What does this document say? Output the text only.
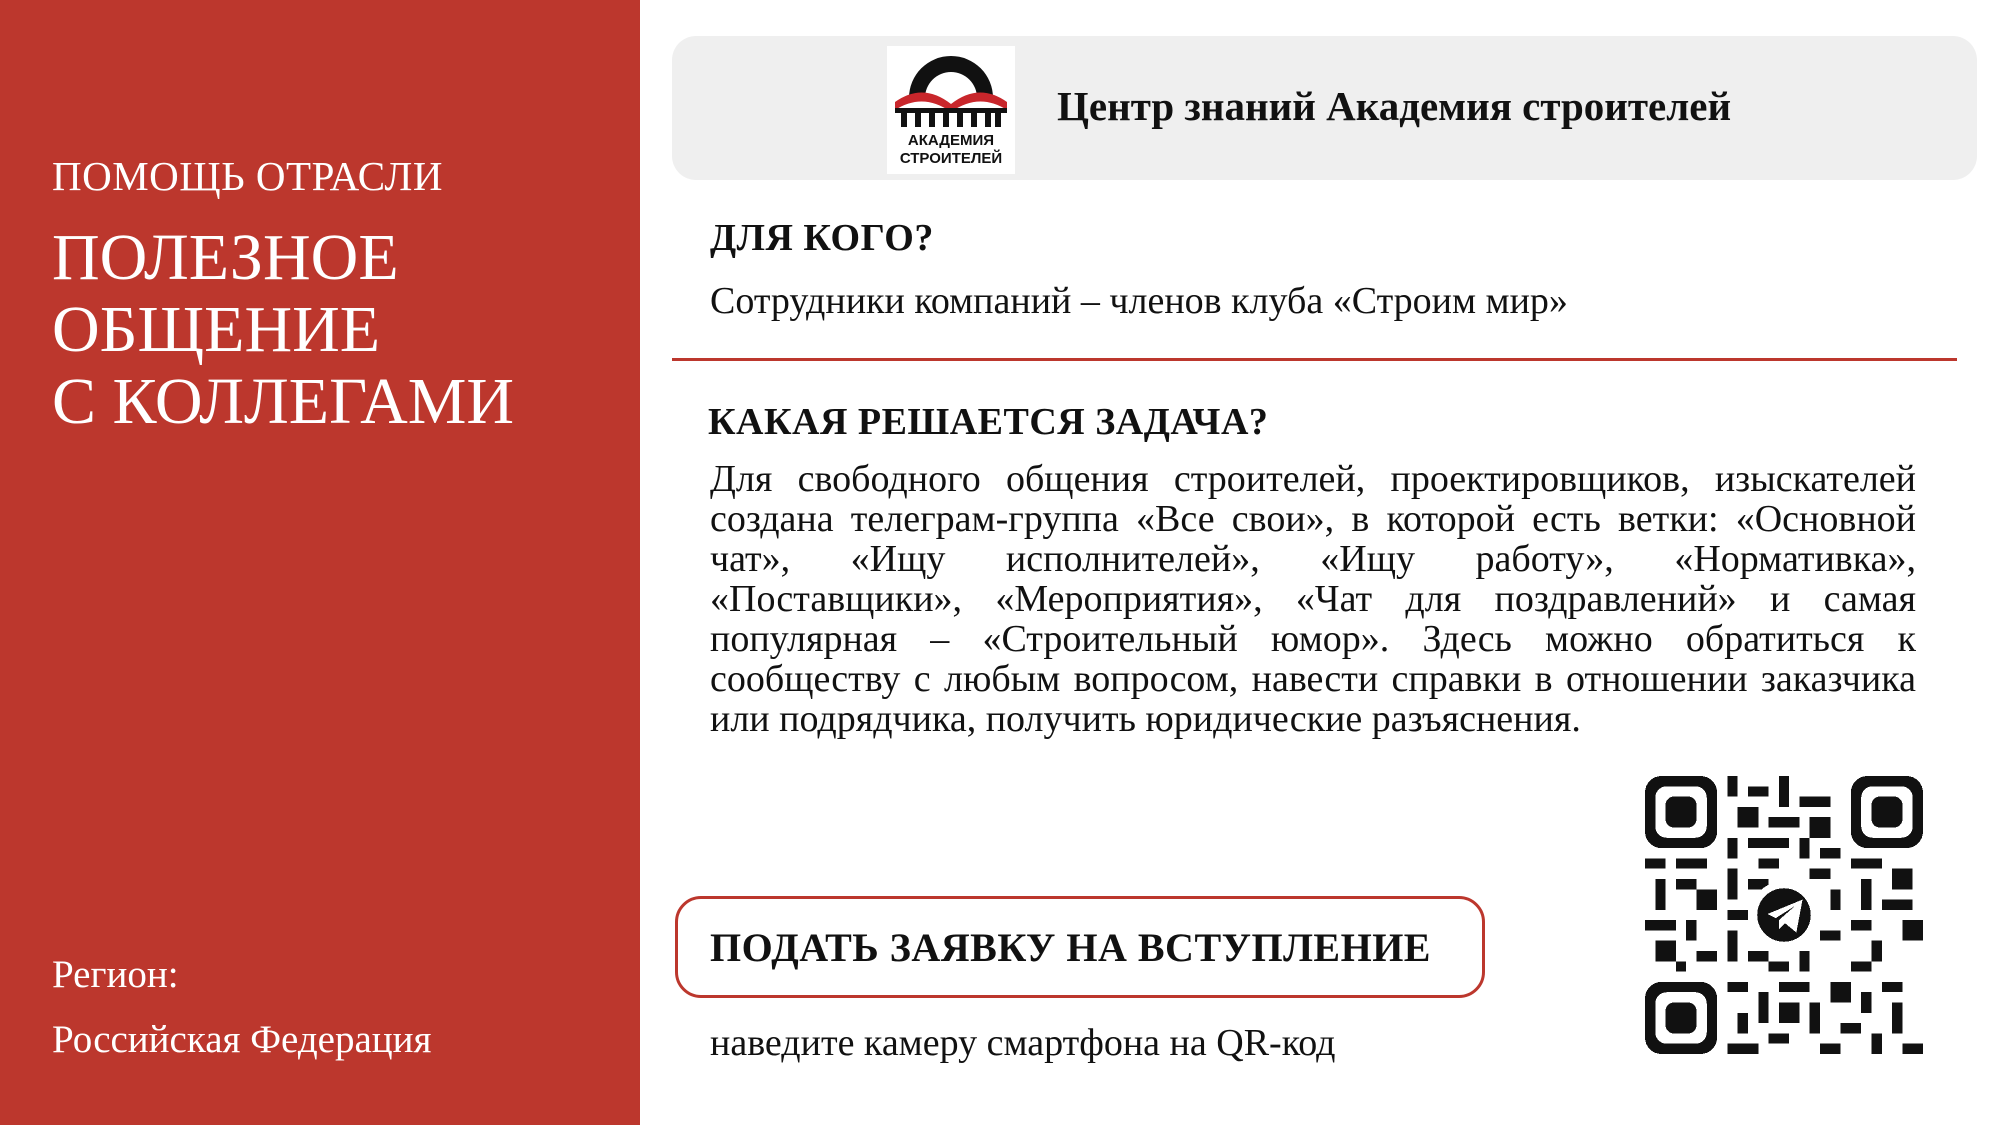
ПОМОЩЬ ОТРАСЛИ
ПОЛЕЗНОЕ
ОБЩЕНИЕ
С КОЛЛЕГАМИ
Регион:
Российская Федерация
АКАДЕМИЯ
СТРОИТЕЛЕЙ
Центр знаний Академия строителей
ДЛЯ КОГО?
Сотрудники компаний – членов клуба «Строим мир»
КАКАЯ РЕШАЕТСЯ ЗАДАЧА?
Для свободного общения строителей, проектировщиков, изыскателей создана телеграм-группа «Все свои», в которой есть ветки: «Основной чат», «Ищу исполнителей», «Ищу работу», «Нормативка», «Поставщики», «Мероприятия», «Чат для поздравлений» и самая популярная – «Строительный юмор». Здесь можно обратиться к сообществу с любым вопросом, навести справки в отношении заказчика или подрядчика, получить юридические разъяснения.
ПОДАТЬ ЗАЯВКУ НА ВСТУПЛЕНИЕ
наведите камеру смартфона на QR-код
